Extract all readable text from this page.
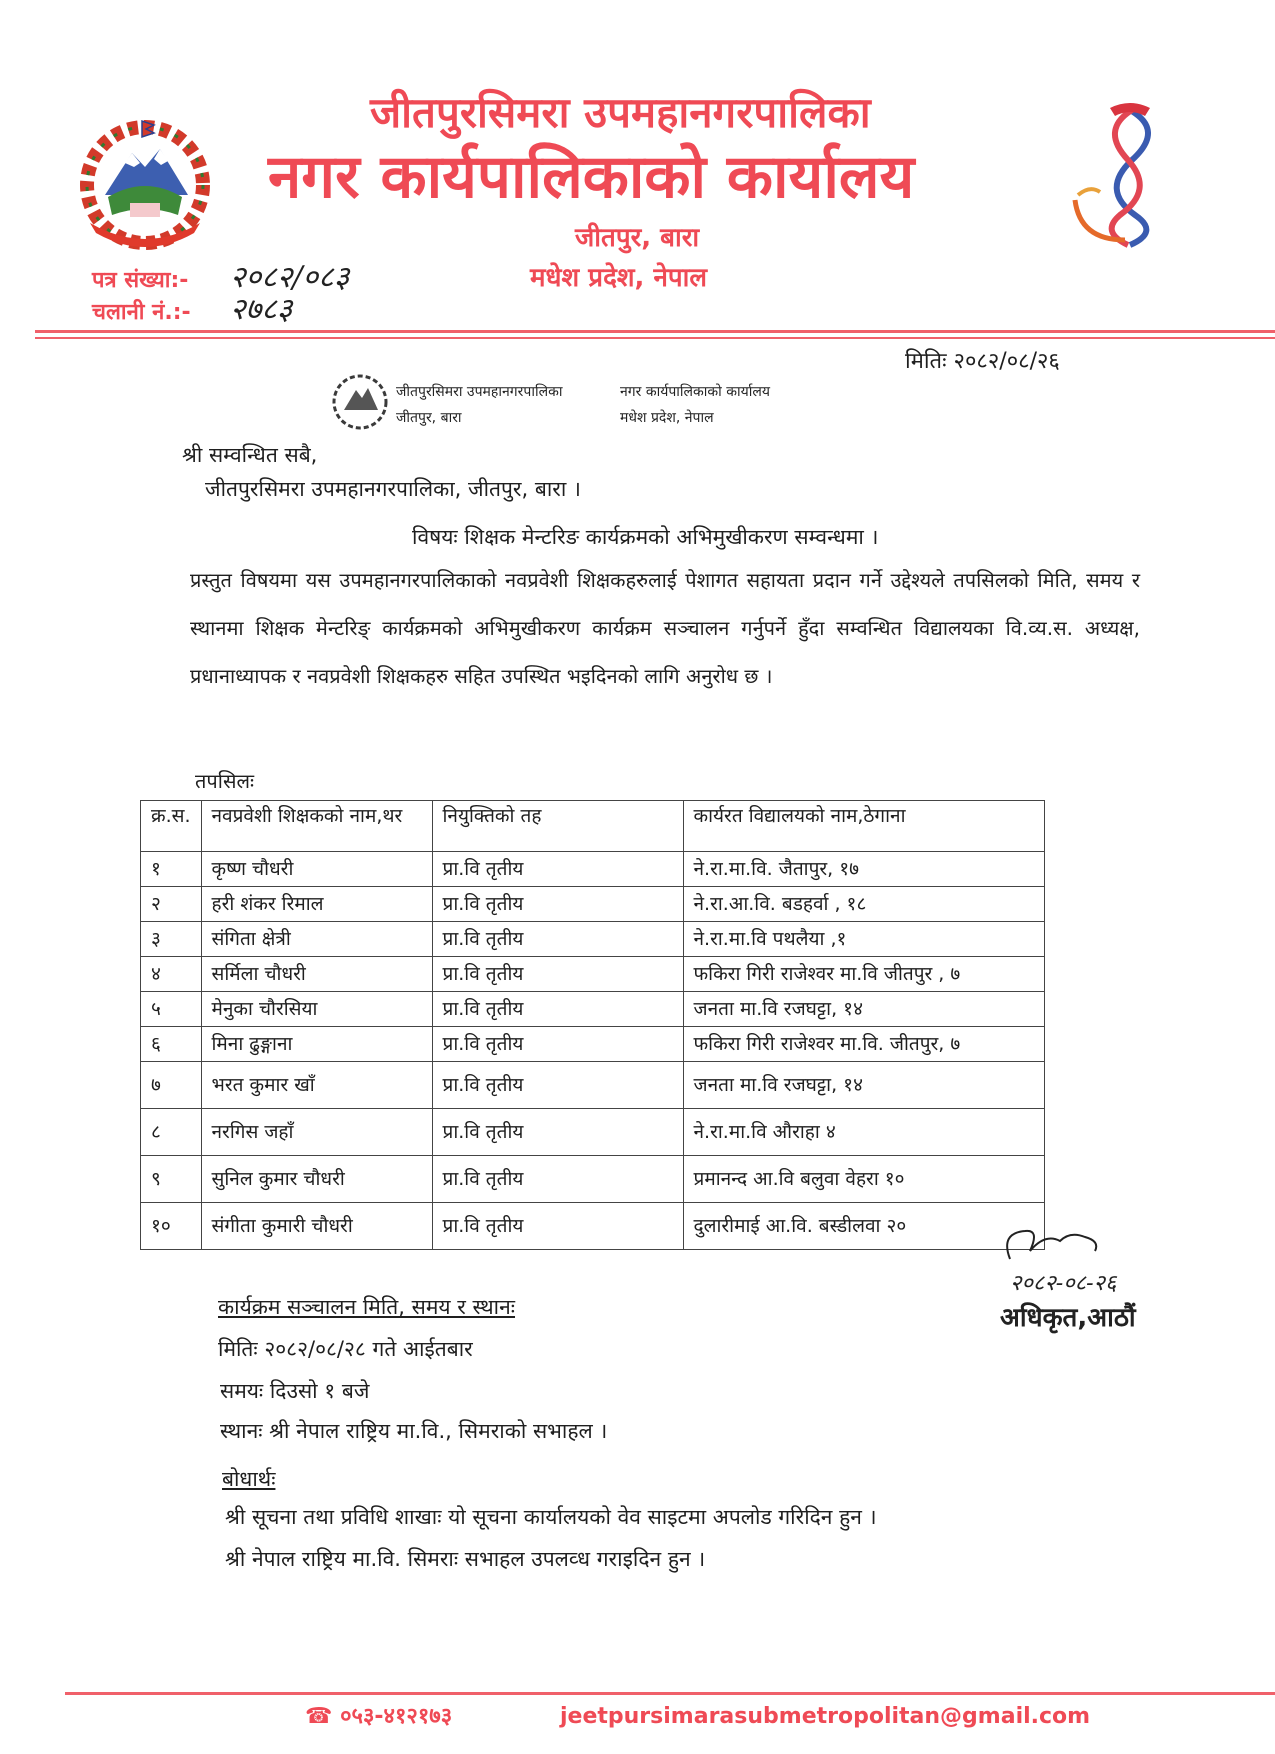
जीतपुरसिमरा उपमहानगरपालिका
नगर कार्यपालिकाको कार्यालय
जीतपुर, बारा
मधेश प्रदेश, नेपाल
पत्र संख्या:- २०८२/०८३
चलानी नं.:- २७८३
मितिः २०८२/०८/२६
जीतपुरसिमरा उपमहानगरपालिका	नगर कार्यपालिकाको कार्यालय
जीतपुर, बारा	मधेश प्रदेश, नेपाल
श्री सम्वन्धित सबै,
जीतपुरसिमरा उपमहानगरपालिका, जीतपुर, बारा ।
विषयः शिक्षक मेन्टरिङ कार्यक्रमको अभिमुखीकरण सम्वन्धमा ।
प्रस्तुत विषयमा यस उपमहानगरपालिकाको नवप्रवेशी शिक्षकहरुलाई पेशागत सहायता प्रदान गर्ने उद्देश्यले तपसिलको मिति, समय र स्थानमा शिक्षक मेन्टरिङ् कार्यक्रमको अभिमुखीकरण कार्यक्रम सञ्चालन गर्नुपर्ने हुँदा सम्वन्धित विद्यालयका वि.व्य.स. अध्यक्ष, प्रधानाध्यापक र नवप्रवेशी शिक्षकहरु सहित उपस्थित भइदिनको लागि अनुरोध छ ।
तपसिलः
क्र.स.	नवप्रवेशी शिक्षकको नाम,थर	नियुक्तिको तह	कार्यरत विद्यालयको नाम,ठेगाना
१	कृष्ण चौधरी	प्रा.वि तृतीय	ने.रा.मा.वि. जैतापुर, १७
२	हरी शंकर रिमाल	प्रा.वि तृतीय	ने.रा.आ.वि. बडहर्वा , १८
३	संगिता क्षेत्री	प्रा.वि तृतीय	ने.रा.मा.वि पथलैया ,१
४	सर्मिला चौधरी	प्रा.वि तृतीय	फकिरा गिरी राजेश्वर मा.वि जीतपुर , ७
५	मेनुका चौरसिया	प्रा.वि तृतीय	जनता मा.वि रजघट्टा, १४
६	मिना ढुङ्गाना	प्रा.वि तृतीय	फकिरा गिरी राजेश्वर मा.वि. जीतपुर, ७
७	भरत कुमार खाँ	प्रा.वि तृतीय	जनता मा.वि रजघट्टा, १४
८	नरगिस जहाँ	प्रा.वि तृतीय	ने.रा.मा.वि औराहा ४
९	सुनिल कुमार चौधरी	प्रा.वि तृतीय	प्रमानन्द आ.वि बलुवा वेहरा १०
१०	संगीता कुमारी चौधरी	प्रा.वि तृतीय	दुलारीमाई आ.वि. बस्डीलवा २०
२०८२-०८-२६
अधिकृत,आठौं
कार्यक्रम सञ्चालन मिति, समय र स्थानः
मितिः २०८२/०८/२८ गते आईतबार
समयः दिउसो १ बजे
स्थानः श्री नेपाल राष्ट्रिय मा.वि., सिमराको सभाहल ।
बोधार्थः
श्री सूचना तथा प्रविधि शाखाः यो सूचना कार्यालयको वेव साइटमा अपलोड गरिदिन हुन ।
श्री नेपाल राष्ट्रिय मा.वि. सिमराः सभाहल उपलव्ध गराइदिन हुन ।
☎ ०५३-४१२१७३	jeetpursimarasubmetropolitan@gmail.com
